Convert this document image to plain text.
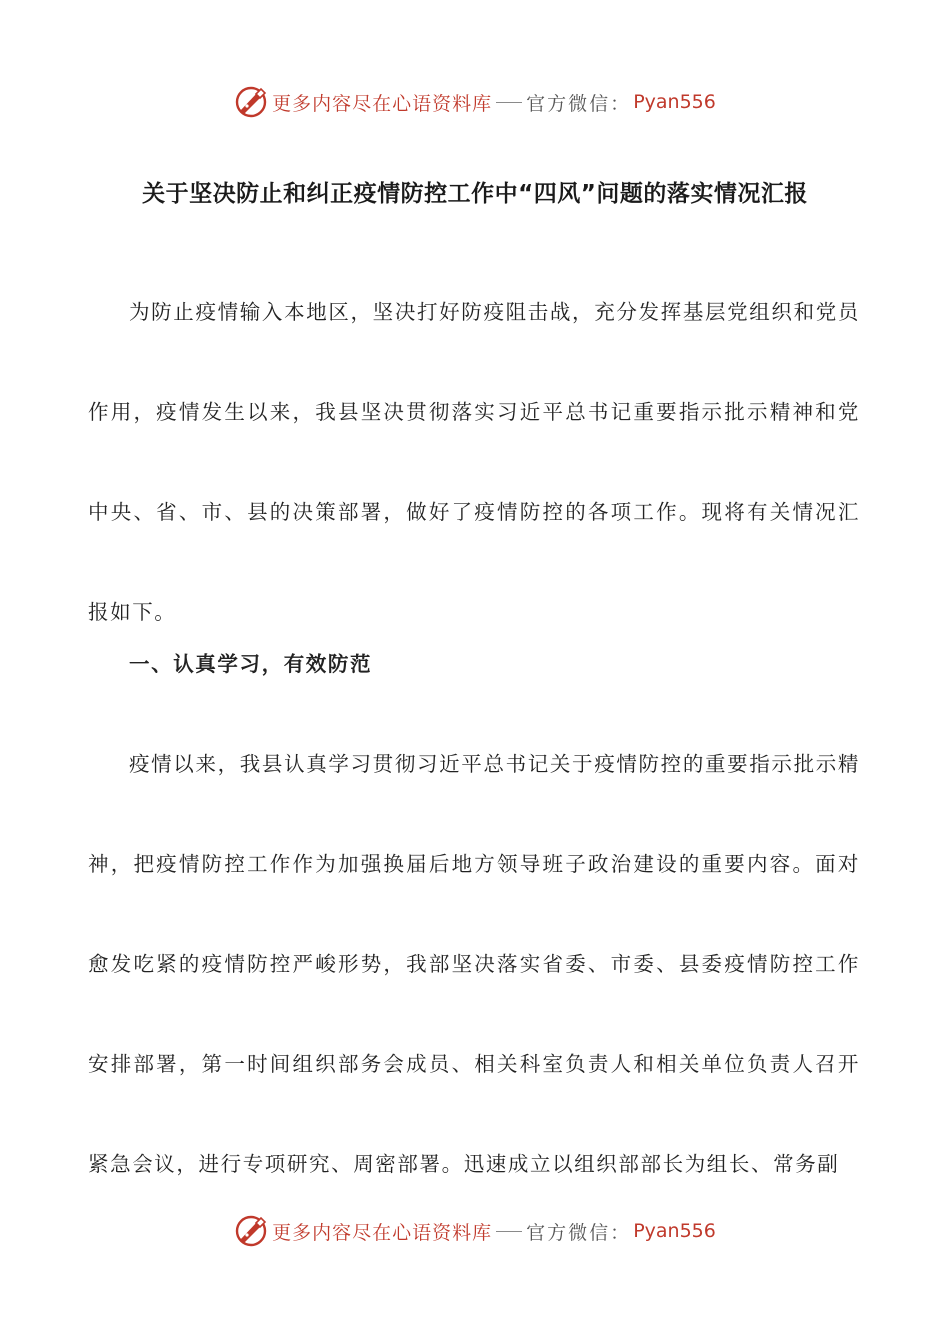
更多内容尽在心语资料库 官方微信： Pyan556
关于坚决防止和纠正疫情防控工作中“四风”问题的落实情况汇报

为防止疫情输入本地区，坚决打好防疫阻击战，充分发挥基层党组织和党员作用，疫情发生以来，我县坚决贯彻落实习近平总书记重要指示批示精神和党中央、省、市、县的决策部署，做好了疫情防控的各项工作。现将有关情况汇报如下。

一、认真学习，有效防范

疫情以来，我县认真学习贯彻习近平总书记关于疫情防控的重要指示批示精神，把疫情防控工作作为加强换届后地方领导班子政治建设的重要内容。面对愈发吃紧的疫情防控严峻形势，我部坚决落实省委、市委、县委疫情防控工作安排部署，第一时间组织部务会成员、相关科室负责人和相关单位负责人召开紧急会议，进行专项研究、周密部署。迅速成立以组织部部长为组长、常务副

更多内容尽在心语资料库 官方微信： Pyan556
